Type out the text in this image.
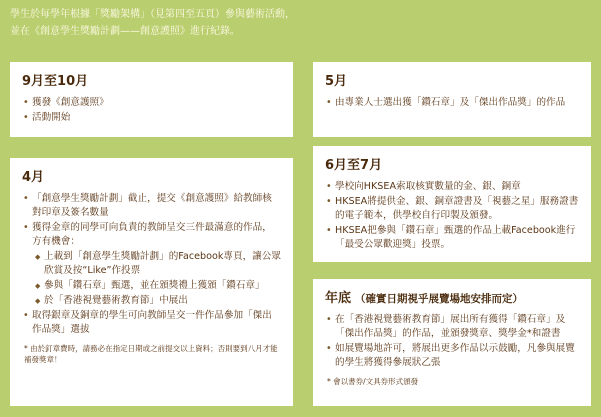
學生於每學年根據「獎勵架構」（見第四至五頁）參與藝術活動，
並在《創意學生獎勵計劃——創意護照》進行紀錄。
9月至10月
• 獲發《創意護照》
• 活動開始
4月
• 「創意學生獎勵計劃」截止，提交《創意護照》給教師核對印章及簽名數量
• 獲得金章的同學可向負責的教師呈交三件最滿意的作品，方有機會：
◆ 上載到「創意學生獎勵計劃」的Facebook專頁，讓公眾欣賞及按“Like”作投票
◆ 參與「鑽石章」甄選，並在頒獎禮上獲頒「鑽石章」
◆ 於「香港視覺藝術教育節」中展出
• 取得銀章及銅章的學生可向教師呈交一件作品參加「傑出作品獎」選拔
* 由於釘章費時，請務必在指定日期或之前提交以上資料；否則要到八月才能補發獎章！
5月
• 由專業人士選出獲「鑽石章」及「傑出作品獎」的作品
6月至7月
• 學校向HKSEA索取核實數量的金、銀、銅章
• HKSEA將提供金、銀、銅章證書及「視藝之星」服務證書的電子範本，供學校自行印製及頒發。
• HKSEA把參與「鑽石章」甄選的作品上載Facebook進行「最受公眾歡迎獎」投票。
年底 （確實日期視乎展覽場地安排而定）
• 在「香港視覺藝術教育節」展出所有獲得「鑽石章」及「傑出作品獎」的作品，並頒發獎章、獎學金*和證書
• 如展覽場地許可，將展出更多作品以示鼓勵，凡參與展覽的學生將獲得參展狀乙張
* 會以書券/文具券形式頒發
